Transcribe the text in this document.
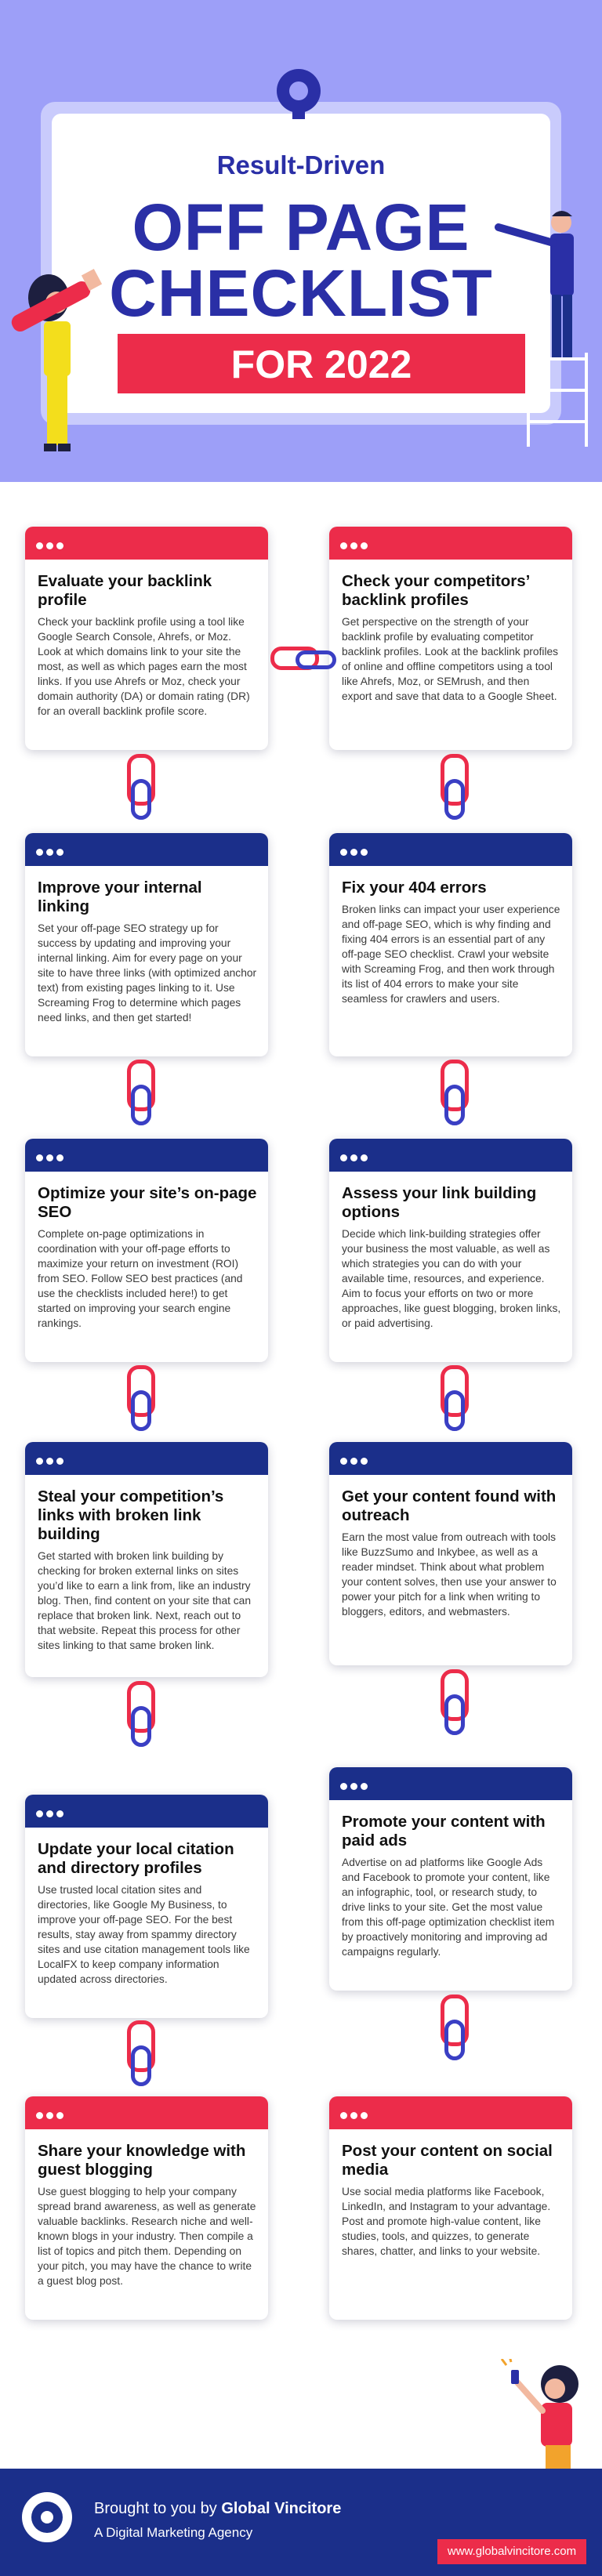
Result-Driven
OFF PAGE
CHECKLIST
FOR 2022
Evaluate your backlink profile
Check your backlink profile using a tool like Google Search Console, Ahrefs, or Moz. Look at which domains link to your site the most, as well as which pages earn the most links. If you use Ahrefs or Moz, check your domain authority (DA) or domain rating (DR) for an overall backlink profile score.
Check your competitors’ backlink profiles
Get perspective on the strength of your backlink profile by evaluating competitor backlink profiles. Look at the backlink profiles of online and offline competitors using a tool like Ahrefs, Moz, or SEMrush, and then export and save that data to a Google Sheet.
Improve your internal linking
Set your off-page SEO strategy up for success by updating and improving your internal linking. Aim for every page on your site to have three links (with optimized anchor text) from existing pages linking to it. Use Screaming Frog to determine which pages need links, and then get started!
Fix your 404 errors
Broken links can impact your user experience and off-page SEO, which is why finding and fixing 404 errors is an essential part of any off-page SEO checklist. Crawl your website with Screaming Frog, and then work through its list of 404 errors to make your site seamless for crawlers and users.
Optimize your site’s on-page SEO
Complete on-page optimizations in coordination with your off-page efforts to maximize your return on investment (ROI) from SEO. Follow SEO best practices (and use the checklists included here!) to get started on improving your search engine rankings.
Assess your link building options
Decide which link-building strategies offer your business the most valuable, as well as which strategies you can do with your available time, resources, and experience. Aim to focus your efforts on two or more approaches, like guest blogging, broken links, or paid advertising.
Steal your competition’s links with broken link building
Get started with broken link building by checking for broken external links on sites you’d like to earn a link from, like an industry blog. Then, find content on your site that can replace that broken link. Next, reach out to that website. Repeat this process for other sites linking to that same broken link.
Get your content found with outreach
Earn the most value from outreach with tools like BuzzSumo and Inkybee, as well as a reader mindset. Think about what problem your content solves, then use your answer to power your pitch for a link when writing to bloggers, editors, and webmasters.
Update your local citation and directory profiles
Use trusted local citation sites and directories, like Google My Business, to improve your off-page SEO. For the best results, stay away from spammy directory sites and use citation management tools like LocalFX to keep company information updated across directories.
Promote your content with paid ads
Advertise on ad platforms like Google Ads and Facebook to promote your content, like an infographic, tool, or research study, to drive links to your site. Get the most value from this off-page optimization checklist item by proactively monitoring and improving ad campaigns regularly.
Share your knowledge with guest blogging
Use guest blogging to help your company spread brand awareness, as well as generate valuable backlinks. Research niche and well-known blogs in your industry. Then compile a list of topics and pitch them. Depending on your pitch, you may have the chance to write a guest blog post.
Post your content on social media
Use social media platforms like Facebook, LinkedIn, and Instagram to your advantage. Post and promote high-value content, like studies, tools, and quizzes, to generate shares, chatter, and links to your website.
Brought to you by Global Vincitore
A Digital Marketing Agency
www.globalvincitore.com
